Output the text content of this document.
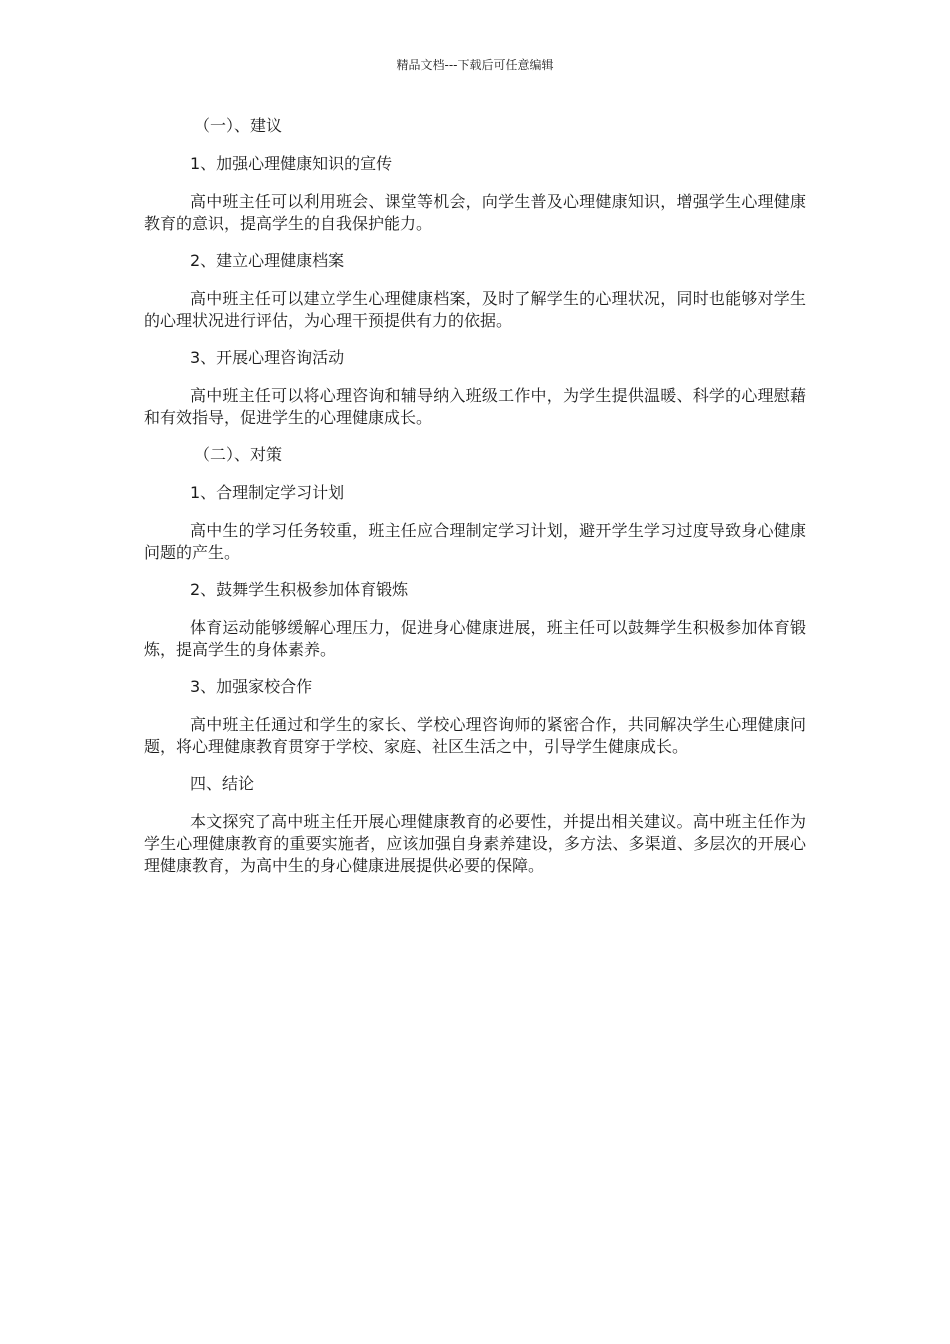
精品文档---下载后可任意编辑

（一）、建议

1、加强心理健康知识的宣传

高中班主任可以利用班会、课堂等机会，向学生普及心理健康知识，增强学生心理健康教育的意识，提高学生的自我保护能力。

2、建立心理健康档案

高中班主任可以建立学生心理健康档案，及时了解学生的心理状况，同时也能够对学生的心理状况进行评估，为心理干预提供有力的依据。

3、开展心理咨询活动

高中班主任可以将心理咨询和辅导纳入班级工作中，为学生提供温暖、科学的心理慰藉和有效指导，促进学生的心理健康成长。

（二）、对策

1、合理制定学习计划

高中生的学习任务较重，班主任应合理制定学习计划，避开学生学习过度导致身心健康问题的产生。

2、鼓舞学生积极参加体育锻炼

体育运动能够缓解心理压力，促进身心健康进展，班主任可以鼓舞学生积极参加体育锻炼，提高学生的身体素养。

3、加强家校合作

高中班主任通过和学生的家长、学校心理咨询师的紧密合作，共同解决学生心理健康问题，将心理健康教育贯穿于学校、家庭、社区生活之中，引导学生健康成长。

四、结论

本文探究了高中班主任开展心理健康教育的必要性，并提出相关建议。高中班主任作为学生心理健康教育的重要实施者，应该加强自身素养建设，多方法、多渠道、多层次的开展心理健康教育，为高中生的身心健康进展提供必要的保障。
